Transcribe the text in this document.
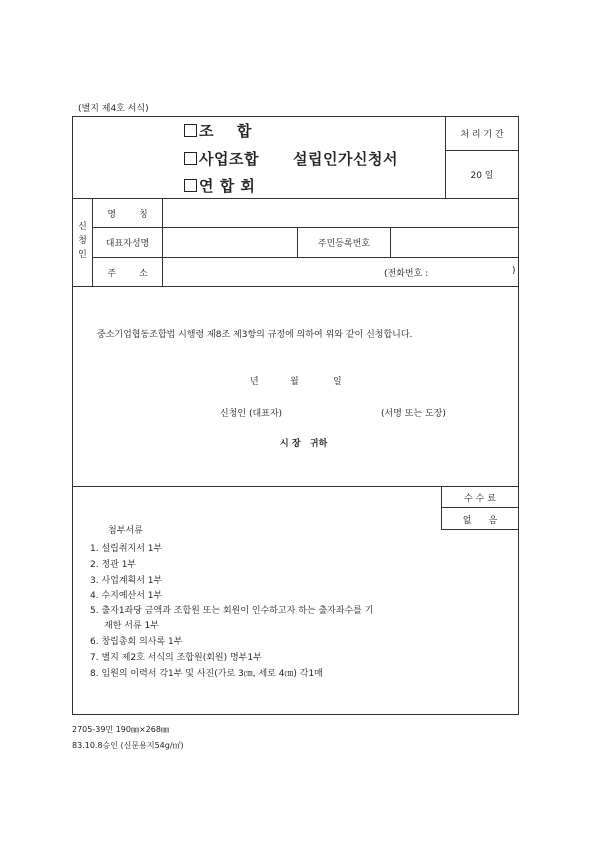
(별지 제4호 서식)
조    합
사업조합 설립인가신청서
연 합 회
처 리 기 간
20 일
신
청
인
명        칭
대표자성명	주민등록번호
주        소	(전화번호 :	)
중소기업협동조합법 시행령 제8조 제3항의 규정에 의하여 위와 같이 신청합니다.
년	월	일
신청인 (대표자)	(서명 또는 도장)
시 장   귀하
수 수 료
없      음
첨부서류
1. 설립취지서 1부
2. 정관 1부
3. 사업계획서 1부
4. 수지예산서 1부
5. 출자1좌당 금액과 조합원 또는 회원이 인수하고자 하는 출자좌수를 기
재한 서류 1부
6. 창립총회 의사록 1부
7. 별지 제2호 서식의 조합원(회원) 명부1부
8. 임원의 이력서 각1부 및 사진(가로 3㎝, 세로 4㎝) 각1매
2705-39민 190㎜×268㎜
83.10.8승인 (신문용지54g/㎡)
